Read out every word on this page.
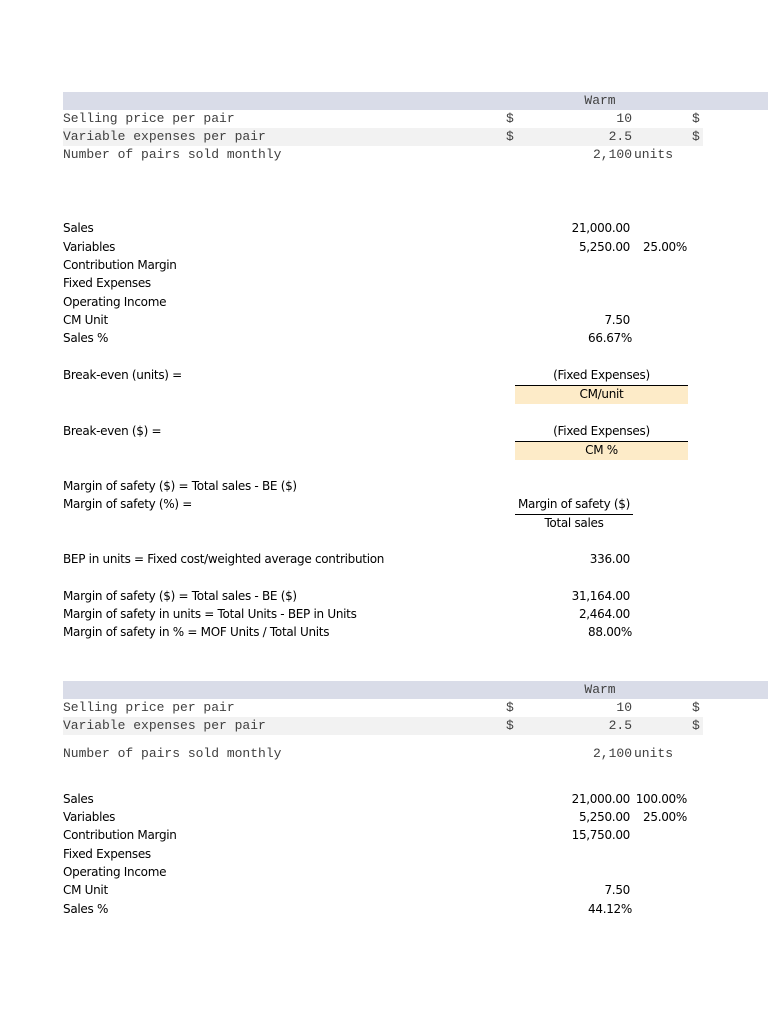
Warm
Selling price per pair	$	10	$
Variable expenses per pair	$	2.5	$
Number of pairs sold monthly	2,100 units
Sales	21,000.00
Variables	5,250.00	25.00%
Contribution Margin
Fixed Expenses
Operating Income
CM Unit	7.50
Sales %	66.67%
Break-even (units) =	(Fixed Expenses)
CM/unit
Break-even ($) =	(Fixed Expenses)
CM %
Margin of safety ($) = Total sales - BE ($)
Margin of safety (%) =	Margin of safety ($)
Total sales
BEP in units = Fixed cost/weighted average contribution	336.00
Margin of safety ($) = Total sales - BE ($)	31,164.00
Margin of safety in units = Total Units - BEP in Units	2,464.00
Margin of safety in % = MOF Units / Total Units	88.00%
Warm
Selling price per pair	$	10	$
Variable expenses per pair	$	2.5	$
Number of pairs sold monthly	2,100 units
Sales	21,000.00 100.00%
Variables	5,250.00	25.00%
Contribution Margin	15,750.00
Fixed Expenses
Operating Income
CM Unit	7.50
Sales %	44.12%
